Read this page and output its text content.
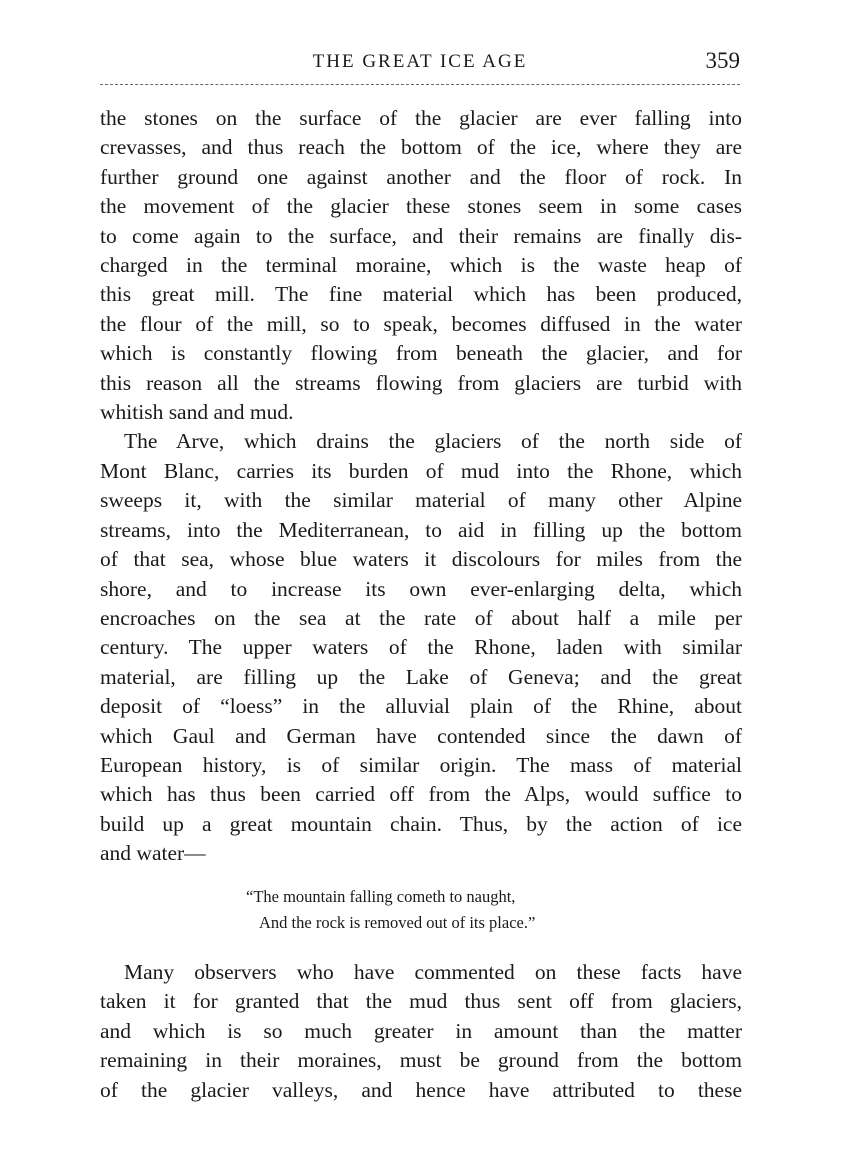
THE GREAT ICE AGE	359

the stones on the surface of the glacier are ever falling into
crevasses, and thus reach the bottom of the ice, where they are
further ground one against another and the floor of rock. In
the movement of the glacier these stones seem in some cases
to come again to the surface, and their remains are finally dis-
charged in the terminal moraine, which is the waste heap of
this great mill. The fine material which has been produced,
the flour of the mill, so to speak, becomes diffused in the water
which is constantly flowing from beneath the glacier, and for
this reason all the streams flowing from glaciers are turbid with
whitish sand and mud.

The Arve, which drains the glaciers of the north side of
Mont Blanc, carries its burden of mud into the Rhone, which
sweeps it, with the similar material of many other Alpine
streams, into the Mediterranean, to aid in filling up the bottom
of that sea, whose blue waters it discolours for miles from the
shore, and to increase its own ever-enlarging delta, which
encroaches on the sea at the rate of about half a mile per
century. The upper waters of the Rhone, laden with similar
material, are filling up the Lake of Geneva; and the great
deposit of “loess” in the alluvial plain of the Rhine, about
which Gaul and German have contended since the dawn of
European history, is of similar origin. The mass of material
which has thus been carried off from the Alps, would suffice to
build up a great mountain chain. Thus, by the action of ice
and water—

“The mountain falling cometh to naught,
And the rock is removed out of its place.”

Many observers who have commented on these facts have
taken it for granted that the mud thus sent off from glaciers,
and which is so much greater in amount than the matter
remaining in their moraines, must be ground from the bottom
of the glacier valleys, and hence have attributed to these
